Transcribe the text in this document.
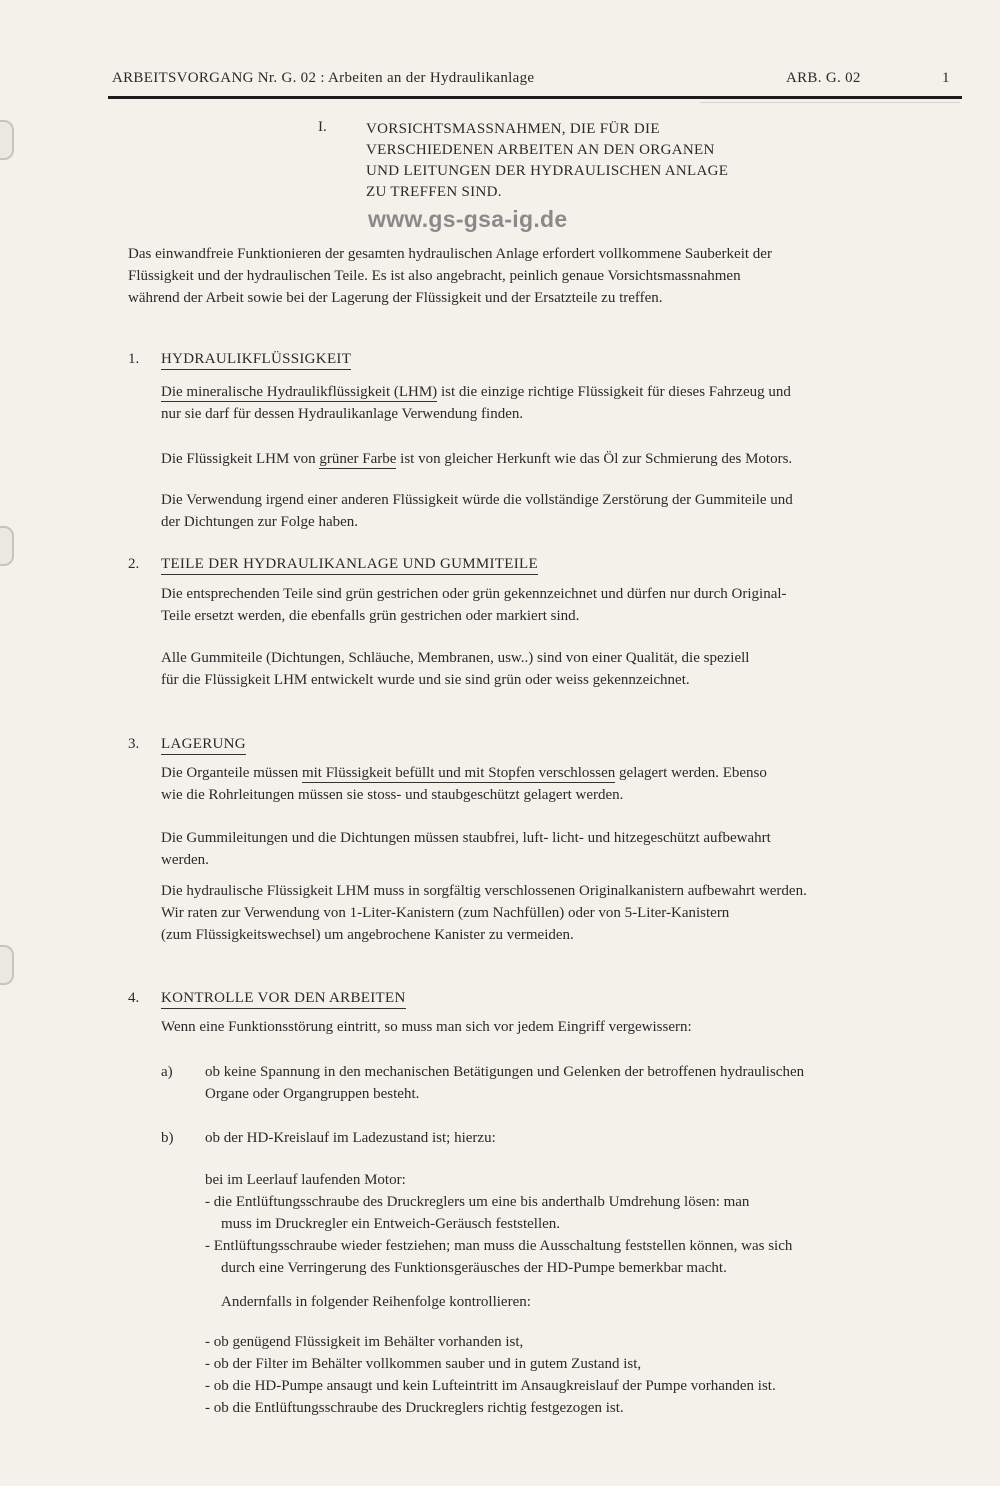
ARBEITSVORGANG Nr. G. 02 : Arbeiten an der Hydraulikanlage	ARB. G. 02	1
I.	VORSICHTSMASSNAHMEN, DIE FÜR DIE
VERSCHIEDENEN ARBEITEN AN DEN ORGANEN
UND LEITUNGEN DER HYDRAULISCHEN ANLAGE
ZU TREFFEN SIND.
www.gs-gsa-ig.de
Das einwandfreie Funktionieren der gesamten hydraulischen Anlage erfordert vollkommene Sauberkeit der
Flüssigkeit und der hydraulischen Teile. Es ist also angebracht, peinlich genaue Vorsichtsmassnahmen
während der Arbeit sowie bei der Lagerung der Flüssigkeit und der Ersatzteile zu treffen.
1. HYDRAULIKFLÜSSIGKEIT
Die mineralische Hydraulikflüssigkeit (LHM) ist die einzige richtige Flüssigkeit für dieses Fahrzeug und
nur sie darf für dessen Hydraulikanlage Verwendung finden.
Die Flüssigkeit LHM von grüner Farbe ist von gleicher Herkunft wie das Öl zur Schmierung des Motors.
Die Verwendung irgend einer anderen Flüssigkeit würde die vollständige Zerstörung der Gummiteile und
der Dichtungen zur Folge haben.
2. TEILE DER HYDRAULIKANLAGE UND GUMMITEILE
Die entsprechenden Teile sind grün gestrichen oder grün gekennzeichnet und dürfen nur durch Original-
Teile ersetzt werden, die ebenfalls grün gestrichen oder markiert sind.
Alle Gummiteile (Dichtungen, Schläuche, Membranen, usw..) sind von einer Qualität, die speziell
für die Flüssigkeit LHM entwickelt wurde und sie sind grün oder weiss gekennzeichnet.
3. LAGERUNG
Die Organteile müssen mit Flüssigkeit befüllt und mit Stopfen verschlossen gelagert werden. Ebenso
wie die Rohrleitungen müssen sie stoss- und staubgeschützt gelagert werden.
Die Gummileitungen und die Dichtungen müssen staubfrei, luft- licht- und hitzegeschützt aufbewahrt
werden.
Die hydraulische Flüssigkeit LHM muss in sorgfältig verschlossenen Originalkanistern aufbewahrt werden.
Wir raten zur Verwendung von 1-Liter-Kanistern (zum Nachfüllen) oder von 5-Liter-Kanistern
(zum Flüssigkeitswechsel) um angebrochene Kanister zu vermeiden.
4. KONTROLLE VOR DEN ARBEITEN
Wenn eine Funktionsstörung eintritt, so muss man sich vor jedem Eingriff vergewissern:
a) ob keine Spannung in den mechanischen Betätigungen und Gelenken der betroffenen hydraulischen
Organe oder Organgruppen besteht.
b) ob der HD-Kreislauf im Ladezustand ist; hierzu:
bei im Leerlauf laufenden Motor:
- die Entlüftungsschraube des Druckreglers um eine bis anderthalb Umdrehung lösen: man
muss im Druckregler ein Entweich-Geräusch feststellen.
- Entlüftungsschraube wieder festziehen; man muss die Ausschaltung feststellen können, was sich
durch eine Verringerung des Funktionsgeräusches der HD-Pumpe bemerkbar macht.
Andernfalls in folgender Reihenfolge kontrollieren:
- ob genügend Flüssigkeit im Behälter vorhanden ist,
- ob der Filter im Behälter vollkommen sauber und in gutem Zustand ist,
- ob die HD-Pumpe ansaugt und kein Lufteintritt im Ansaugkreislauf der Pumpe vorhanden ist.
- ob die Entlüftungsschraube des Druckreglers richtig festgezogen ist.
